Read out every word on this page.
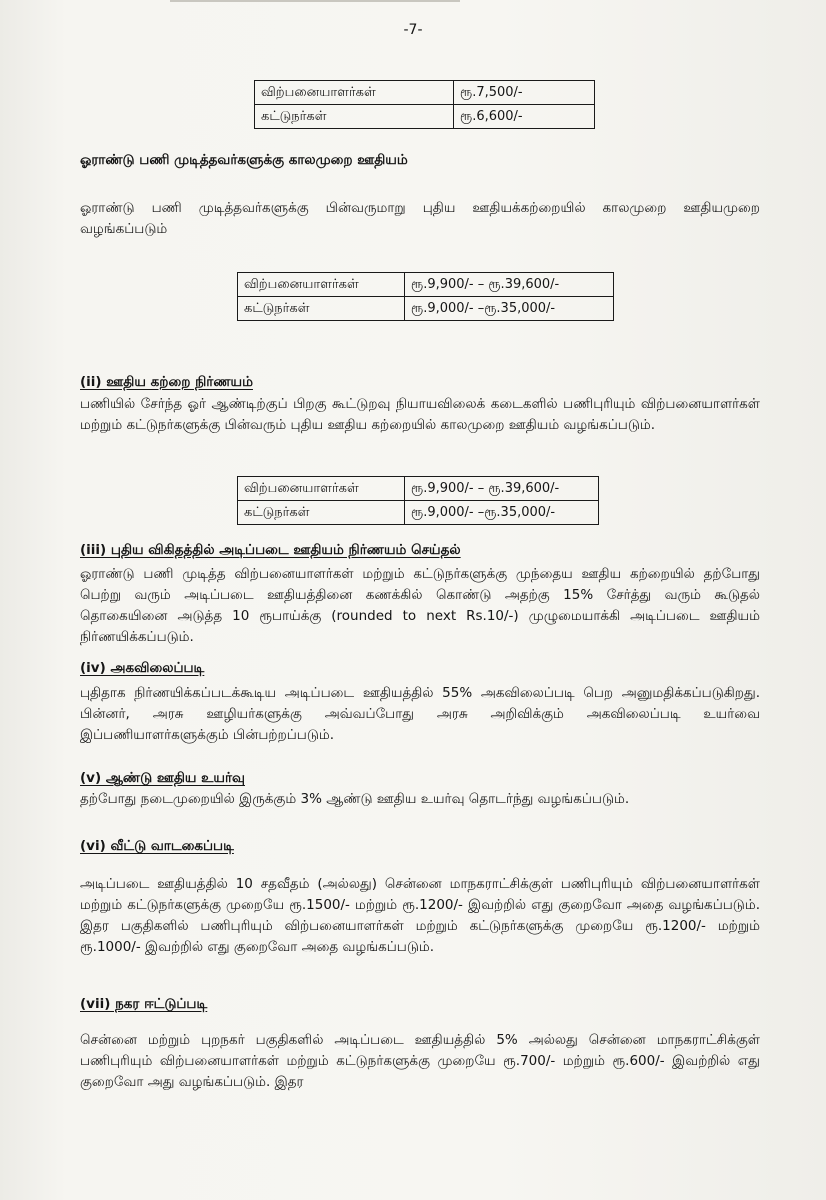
-7-
விற்பனையாளர்கள்	ரூ.7,500/-
கட்டுநர்கள்	ரூ.6,600/-
ஓராண்டு பணி முடித்தவர்களுக்கு காலமுறை ஊதியம்
ஓராண்டு பணி முடித்தவர்களுக்கு பின்வருமாறு புதிய ஊதியக்கற்றையில் காலமுறை ஊதியமுறை வழங்கப்படும்
விற்பனையாளர்கள்	ரூ.9,900/- – ரூ.39,600/-
கட்டுநர்கள்	ரூ.9,000/- –ரூ.35,000/-
(ii) ஊதிய கற்றை நிர்ணயம்
பணியில் சேர்ந்த ஓர் ஆண்டிற்குப் பிறகு கூட்டுறவு நியாயவிலைக் கடைகளில் பணிபுரியும் விற்பனையாளர்கள் மற்றும் கட்டுநர்களுக்கு பின்வரும் புதிய ஊதிய கற்றையில் காலமுறை ஊதியம் வழங்கப்படும்.
விற்பனையாளர்கள்	ரூ.9,900/- – ரூ.39,600/-
கட்டுநர்கள்	ரூ.9,000/- –ரூ.35,000/-
(iii) புதிய விகிதத்தில் அடிப்படை ஊதியம் நிர்ணயம் செய்தல்
ஓராண்டு பணி முடித்த விற்பனையாளர்கள் மற்றும் கட்டுநர்களுக்கு முந்தைய ஊதிய கற்றையில் தற்போது பெற்று வரும் அடிப்படை ஊதியத்தினை கணக்கில் கொண்டு அதற்கு 15% சேர்த்து வரும் கூடுதல் தொகையினை அடுத்த 10 ரூபாய்க்கு (rounded to next Rs.10/-) முழுமையாக்கி அடிப்படை ஊதியம் நிர்ணயிக்கப்படும்.
(iv) அகவிலைப்படி
புதிதாக நிர்ணயிக்கப்படக்கூடிய அடிப்படை ஊதியத்தில் 55% அகவிலைப்படி பெற அனுமதிக்கப்படுகிறது. பின்னர், அரசு ஊழியர்களுக்கு அவ்வப்போது அரசு அறிவிக்கும் அகவிலைப்படி உயர்வை இப்பணியாளர்களுக்கும் பின்பற்றப்படும்.
(v) ஆண்டு ஊதிய உயர்வு
தற்போது நடைமுறையில் இருக்கும் 3% ஆண்டு ஊதிய உயர்வு தொடர்ந்து வழங்கப்படும்.
(vi) வீட்டு வாடகைப்படி
அடிப்படை ஊதியத்தில் 10 சதவீதம் (அல்லது) சென்னை மாநகராட்சிக்குள் பணிபுரியும் விற்பனையாளர்கள் மற்றும் கட்டுநர்களுக்கு முறையே ரூ.1500/- மற்றும் ரூ.1200/- இவற்றில் எது குறைவோ அதை வழங்கப்படும். இதர பகுதிகளில் பணிபுரியும் விற்பனையாளர்கள் மற்றும் கட்டுநர்களுக்கு முறையே ரூ.1200/- மற்றும் ரூ.1000/- இவற்றில் எது குறைவோ அதை வழங்கப்படும்.
(vii) நகர ஈட்டுப்படி
சென்னை மற்றும் புறநகர் பகுதிகளில் அடிப்படை ஊதியத்தில் 5% அல்லது சென்னை மாநகராட்சிக்குள் பணிபுரியும் விற்பனையாளர்கள் மற்றும் கட்டுநர்களுக்கு முறையே ரூ.700/- மற்றும் ரூ.600/- இவற்றில் எது குறைவோ அது வழங்கப்படும். இதர
